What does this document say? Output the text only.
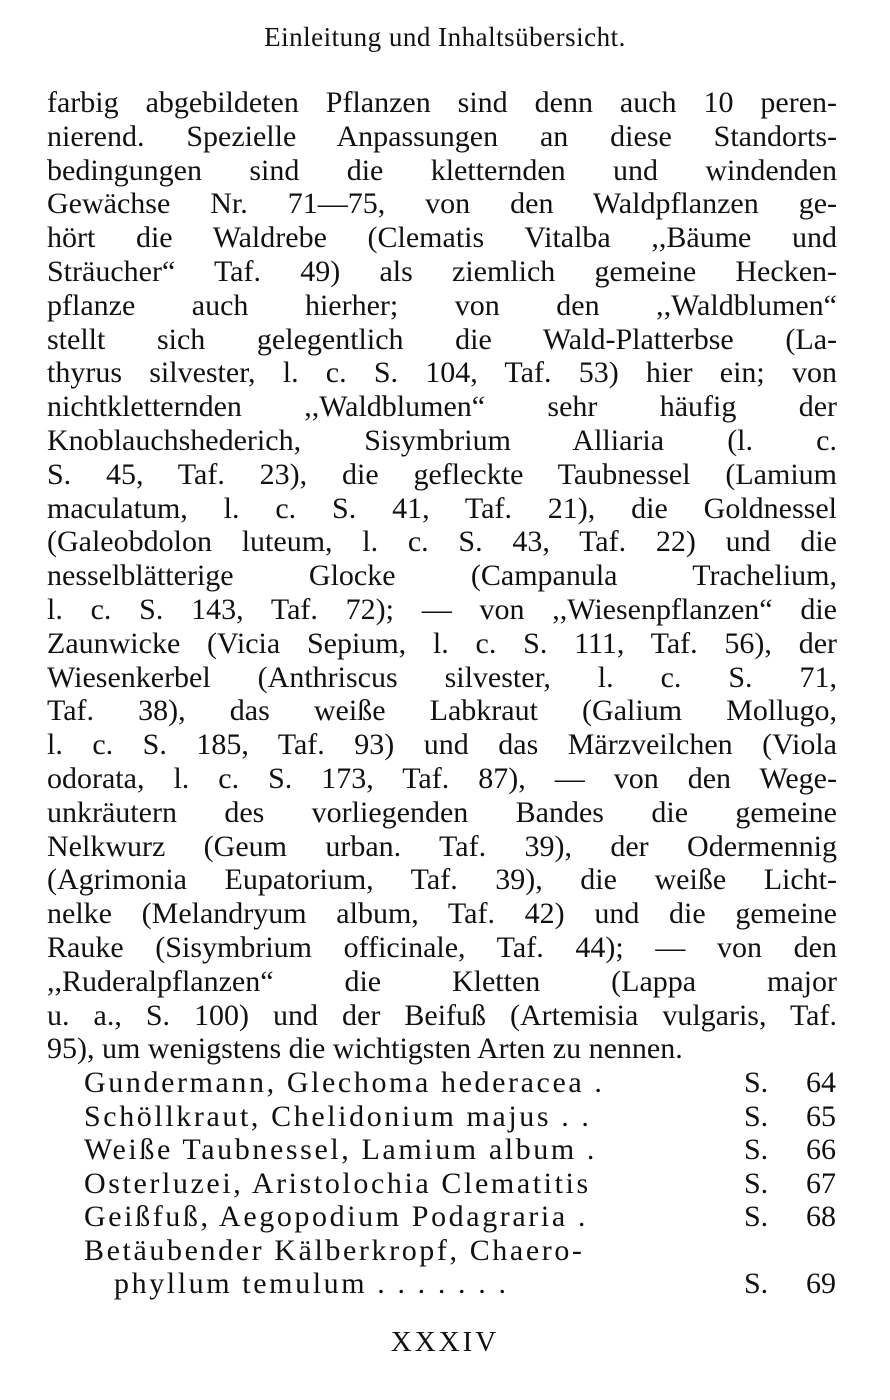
Einleitung und Inhaltsübersicht.
farbig abgebildeten Pflanzen sind denn auch 10 peren-
nierend. Spezielle Anpassungen an diese Standorts-
bedingungen sind die kletternden und windenden
Gewächse Nr. 71—75, von den Waldpflanzen ge-
hört die Waldrebe (Clematis Vitalba ,,Bäume und
Sträucher“ Taf. 49) als ziemlich gemeine Hecken-
pflanze auch hierher; von den ,,Waldblumen“
stellt sich gelegentlich die Wald-Platterbse (La-
thyrus silvester, l. c. S. 104, Taf. 53) hier ein; von
nichtkletternden ,,Waldblumen“ sehr häufig der
Knoblauchshederich, Sisymbrium Alliaria (l. c.
S. 45, Taf. 23), die gefleckte Taubnessel (Lamium
maculatum, l. c. S. 41, Taf. 21), die Goldnessel
(Galeobdolon luteum, l. c. S. 43, Taf. 22) und die
nesselblätterige Glocke (Campanula Trachelium,
l. c. S. 143, Taf. 72); — von ,,Wiesenpflanzen“ die
Zaunwicke (Vicia Sepium, l. c. S. 111, Taf. 56), der
Wiesenkerbel (Anthriscus silvester, l. c. S. 71,
Taf. 38), das weiße Labkraut (Galium Mollugo,
l. c. S. 185, Taf. 93) und das Märzveilchen (Viola
odorata, l. c. S. 173, Taf. 87), — von den Wege-
unkräutern des vorliegenden Bandes die gemeine
Nelkwurz (Geum urban. Taf. 39), der Odermennig
(Agrimonia Eupatorium, Taf. 39), die weiße Licht-
nelke (Melandryum album, Taf. 42) und die gemeine
Rauke (Sisymbrium officinale, Taf. 44); — von den
,,Ruderalpflanzen“ die Kletten (Lappa major
u. a., S. 100) und der Beifuß (Artemisia vulgaris, Taf.
95), um wenigstens die wichtigsten Arten zu nennen.
Gundermann, Glechoma hederacea .	S. 64
Schöllkraut, Chelidonium majus . .	S. 65
Weiße Taubnessel, Lamium album .	S. 66
Osterluzei, Aristolochia Clematitis	S. 67
Geißfuß, Aegopodium Podagraria .	S. 68
Betäubender Kälberkropf, Chaero-
phyllum temulum . . . . . . .	S. 69
XXXIV
